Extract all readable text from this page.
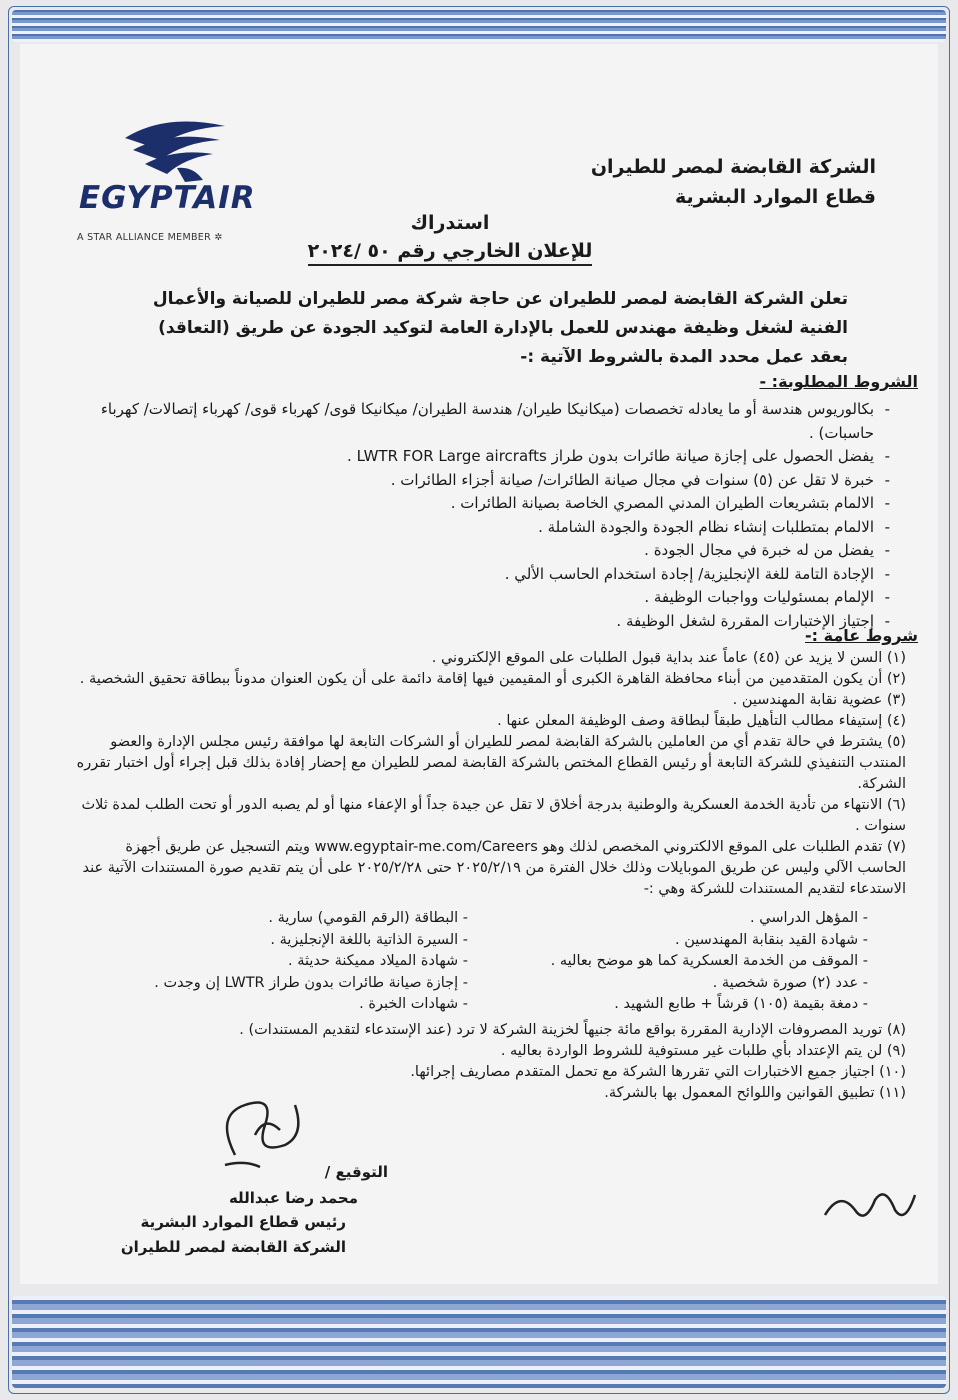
EGYPTAIR
A STAR ALLIANCE MEMBER ✲
الشركة القابضة لمصر للطيران
قطاع الموارد البشرية
استدراك
للإعلان الخارجي رقم ٥٠ /٢٠٢٤
تعلن الشركة القابضة لمصر للطيران عن حاجة شركة مصر للطيران للصيانة والأعمال الفنية لشغل وظيفة مهندس للعمل بالإدارة العامة لتوكيد الجودة عن طريق (التعاقد) بعقد عمل محدد المدة بالشروط الآتية :-
الشروط المطلوبة: -
- بكالوريوس هندسة أو ما يعادله تخصصات (ميكانيكا طيران/ هندسة الطيران/ ميكانيكا قوى/ كهرباء قوى/ كهرباء إتصالات/ كهرباء حاسبات) .
- يفضل الحصول على إجازة صيانة طائرات بدون طراز LWTR FOR Large aircrafts .
- خبرة لا تقل عن (٥) سنوات في مجال صيانة الطائرات/ صيانة أجزاء الطائرات .
- الالمام بتشريعات الطيران المدني المصري الخاصة بصيانة الطائرات .
- الالمام بمتطلبات إنشاء نظام الجودة والجودة الشاملة .
- يفضل من له خبرة في مجال الجودة .
- الإجادة التامة للغة الإنجليزية/ إجادة استخدام الحاسب الألي .
- الإلمام بمسئوليات وواجبات الوظيفة .
- إجتياز الإختبارات المقررة لشغل الوظيفة .
شروط عامة :-
(١) السن لا يزيد عن (٤٥) عاماً عند بداية قبول الطلبات على الموقع الإلكتروني .
(٢) أن يكون المتقدمين من أبناء محافظة القاهرة الكبرى أو المقيمين فيها إقامة دائمة على أن يكون العنوان مدوناً ببطاقة تحقيق الشخصية .
(٣) عضوية نقابة المهندسين .
(٤) إستيفاء مطالب التأهيل طبقاً لبطاقة وصف الوظيفة المعلن عنها .
(٥) يشترط في حالة تقدم أي من العاملين بالشركة القابضة لمصر للطيران أو الشركات التابعة لها موافقة رئيس مجلس الإدارة والعضو المنتدب التنفيذي للشركة التابعة أو رئيس القطاع المختص بالشركة القابضة لمصر للطيران مع إحضار إفادة بذلك قبل إجراء أول اختبار تقرره الشركة.
(٦) الانتهاء من تأدية الخدمة العسكرية والوطنية بدرجة أخلاق لا تقل عن جيدة جداً أو الإعفاء منها أو لم يصبه الدور أو تحت الطلب لمدة ثلاث سنوات .
(٧) تقدم الطلبات على الموقع الالكتروني المخصص لذلك وهو www.egyptair-me.com/Careers ويتم التسجيل عن طريق أجهزة الحاسب الآلي وليس عن طريق الموبايلات وذلك خلال الفترة من ٢٠٢٥/٢/١٩ حتى ٢٠٢٥/٢/٢٨ على أن يتم تقديم صورة المستندات الآتية عند الاستدعاء لتقديم المستندات للشركة وهي :-
- البطاقة (الرقم القومي) سارية .	- المؤهل الدراسي .
- السيرة الذاتية باللغة الإنجليزية .	- شهادة القيد بنقابة المهندسين .
- شهادة الميلاد مميكنة حديثة .	- الموقف من الخدمة العسكرية كما هو موضح بعاليه .
- إجازة صيانة طائرات بدون طراز LWTR إن وجدت .	- عدد (٢) صورة شخصية .
- شهادات الخبرة .	- دمغة بقيمة (١٠٥) قرشاً + طابع الشهيد .
(٨) توريد المصروفات الإدارية المقررة بواقع مائة جنيهاً لخزينة الشركة لا ترد (عند الإستدعاء لتقديم المستندات) .
(٩) لن يتم الإعتداد بأي طلبات غير مستوفية للشروط الواردة بعاليه .
(١٠) اجتياز جميع الاختبارات التي تقررها الشركة مع تحمل المتقدم مصاريف إجرائها.
(١١) تطبيق القوانين واللوائح المعمول بها بالشركة.
التوقيع /
محمد رضا عبدالله
رئيس قطاع الموارد البشرية
الشركة القابضة لمصر للطيران
